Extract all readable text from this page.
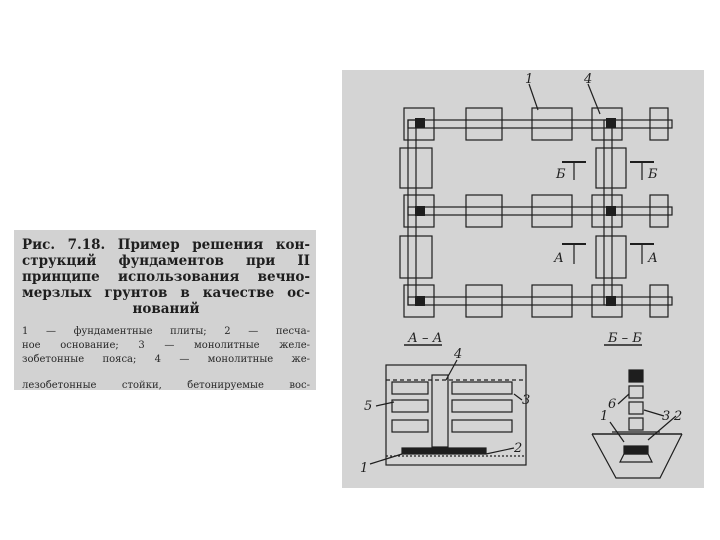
Рис. 7.18. Пример решения кон-
струкций фундаментов при II
принципе использования вечно-
мерзлых грунтов в качестве ос-
нований
1 — фундаментные плиты; 2 — песча-
ное основание; 3 — монолитные желе-
зобетонные пояса; 4 — монолитные же-
лезобетонные стойки, бетонируемые вос-
1	4
Б	Б
А	А
А – А
4
5	3
1
2
Б – Б
6
1	3 2
